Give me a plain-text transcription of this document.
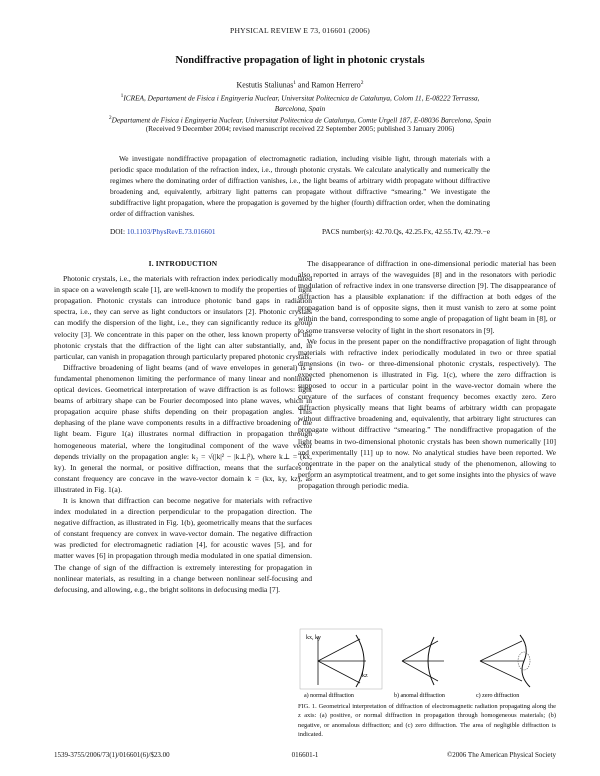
PHYSICAL REVIEW E 73, 016601 (2006)
Nondiffractive propagation of light in photonic crystals
Kestutis Staliunas$^1$ and Ramon Herrero$^2$
$^1$ICREA, Departament de Fisica i Enginyeria Nuclear, Universitat Politecnica de Catalunya, Colom 11, E-08222 Terrassa,
Barcelona, Spain
$^2$Departament de Fisica i Enginyeria Nuclear, Universitat Politecnica de Catalunya, Comte Urgell 187, E-08036 Barcelona, Spain
(Received 9 December 2004; revised manuscript received 22 September 2005; published 3 January 2006)
We investigate nondiffractive propagation of electromagnetic radiation, including visible light, through materials with a periodic space modulation of the refraction index, i.e., through photonic crystals. We calculate analytically and numerically the regimes where the dominating order of diffraction vanishes, i.e., the light beams of arbitrary width propagate without diffractive broadening and, equivalently, arbitrary light patterns can propagate without diffractive “smearing.” We investigate the subdiffractive light propagation, where the propagation is governed by the higher (fourth) diffraction order, when the dominating order of diffraction vanishes.
DOI: 10.1103/PhysRevE.73.016601	PACS number(s): 42.70.Qs, 42.25.Fx, 42.55.Tv, 42.79.−e
I. INTRODUCTION

Photonic crystals, i.e., the materials with refraction index periodically modulated in space on a wavelength scale [1], are well-known to modify the properties of light propagation. Photonic crystals can introduce photonic band gaps in radiation spectra, i.e., they can serve as light conductors or insulators [2]. Photonic crystals can modify the dispersion of the light, i.e., they can significantly reduce its group velocity [3]. We concentrate in this paper on the other, less known property of the photonic crystals that the diffraction of the light can alter substantially, and, in particular, can vanish in propagation through particularly prepared photonic crystals.

Diffractive broadening of light beams (and of wave envelopes in general) is a fundamental phenomenon limiting the performance of many linear and nonlinear optical devices. Geometrical interpretation of wave diffraction is as follows: light beams of arbitrary shape can be Fourier decomposed into plane waves, which in propagation acquire phase shifts depending on their propagation angles. This dephasing of the plane wave components results in a diffractive broadening of the light beam. Figure 1(a) illustrates normal diffraction in propagation through homogeneous material, where the longitudinal component of the wave vector depends trivially on the propagation angle: k₂ = √(|k|² − |k⊥|²), where k⊥ = (kx, ky). In general the normal, or positive diffraction, means that the surfaces of constant frequency are concave in the wave-vector domain k = (kx, ky, kz), as illustrated in Fig. 1(a).

It is known that diffraction can become negative for materials with refractive index modulated in a direction perpendicular to the propagation direction. The negative diffraction, as illustrated in Fig. 1(b), geometrically means that the surfaces of constant frequency are convex in wave-vector domain. The negative diffraction was predicted for electromagnetic radiation [4], for acoustic waves [5], and for matter waves [6] in propagation through media modulated in one spatial dimension. The change of sign of the diffraction is extremely interesting for propagation in nonlinear materials, as resulting in a change between nonlinear self-focusing and defocusing, and allowing, e.g., the bright solitons in defocusing media [7].

The disappearance of diffraction in one-dimensional periodic material has been also reported in arrays of the waveguides [8] and in the resonators with periodic modulation of refractive index in one transverse direction [9]. The disappearance of diffraction has a plausible explanation: if the diffraction at both edges of the propagation band is of opposite signs, then it must vanish to zero at some point within the band, corresponding to some angle of propagation of light beam in [8], or to some transverse velocity of light in the short resonators in [9].

We focus in the present paper on the nondiffractive propagation of light through materials with refractive index periodically modulated in two or three spatial dimensions (in two- or three-dimensional photonic crystals, respectively). The expected phenomenon is illustrated in Fig. 1(c), where the zero diffraction is supposed to occur in a particular point in the wave-vector domain where the curvature of the surfaces of constant frequency becomes exactly zero. Zero diffraction physically means that light beams of arbitrary width can propagate without diffractive broadening and, equivalently, that arbitrary light structures can propagate without diffractive “smearing.” The nondiffractive propagation of the light beams in two-dimensional photonic crystals has been shown numerically [10] and experimentally [11] up to now. No analytical studies have been reported. We concentrate in the paper on the analytical study of the phenomenon, allowing to perform an asymptotical treatment, and to get some insights into the physics of wave propagation through periodic media.

kx, ky
kz
a) normal diffraction	b) anomal diffraction	c) zero diffraction
FIG. 1. Geometrical interpretation of diffraction of electromagnetic radiation propagating along the z axis: (a) positive, or normal diffraction in propagation through homogeneous materials; (b) negative, or anomalous diffraction; and (c) zero diffraction. The area of negligible diffraction is indicated.
1539-3755/2006/73(1)/016601(6)/$23.00	016601-1	©2006 The American Physical Society
